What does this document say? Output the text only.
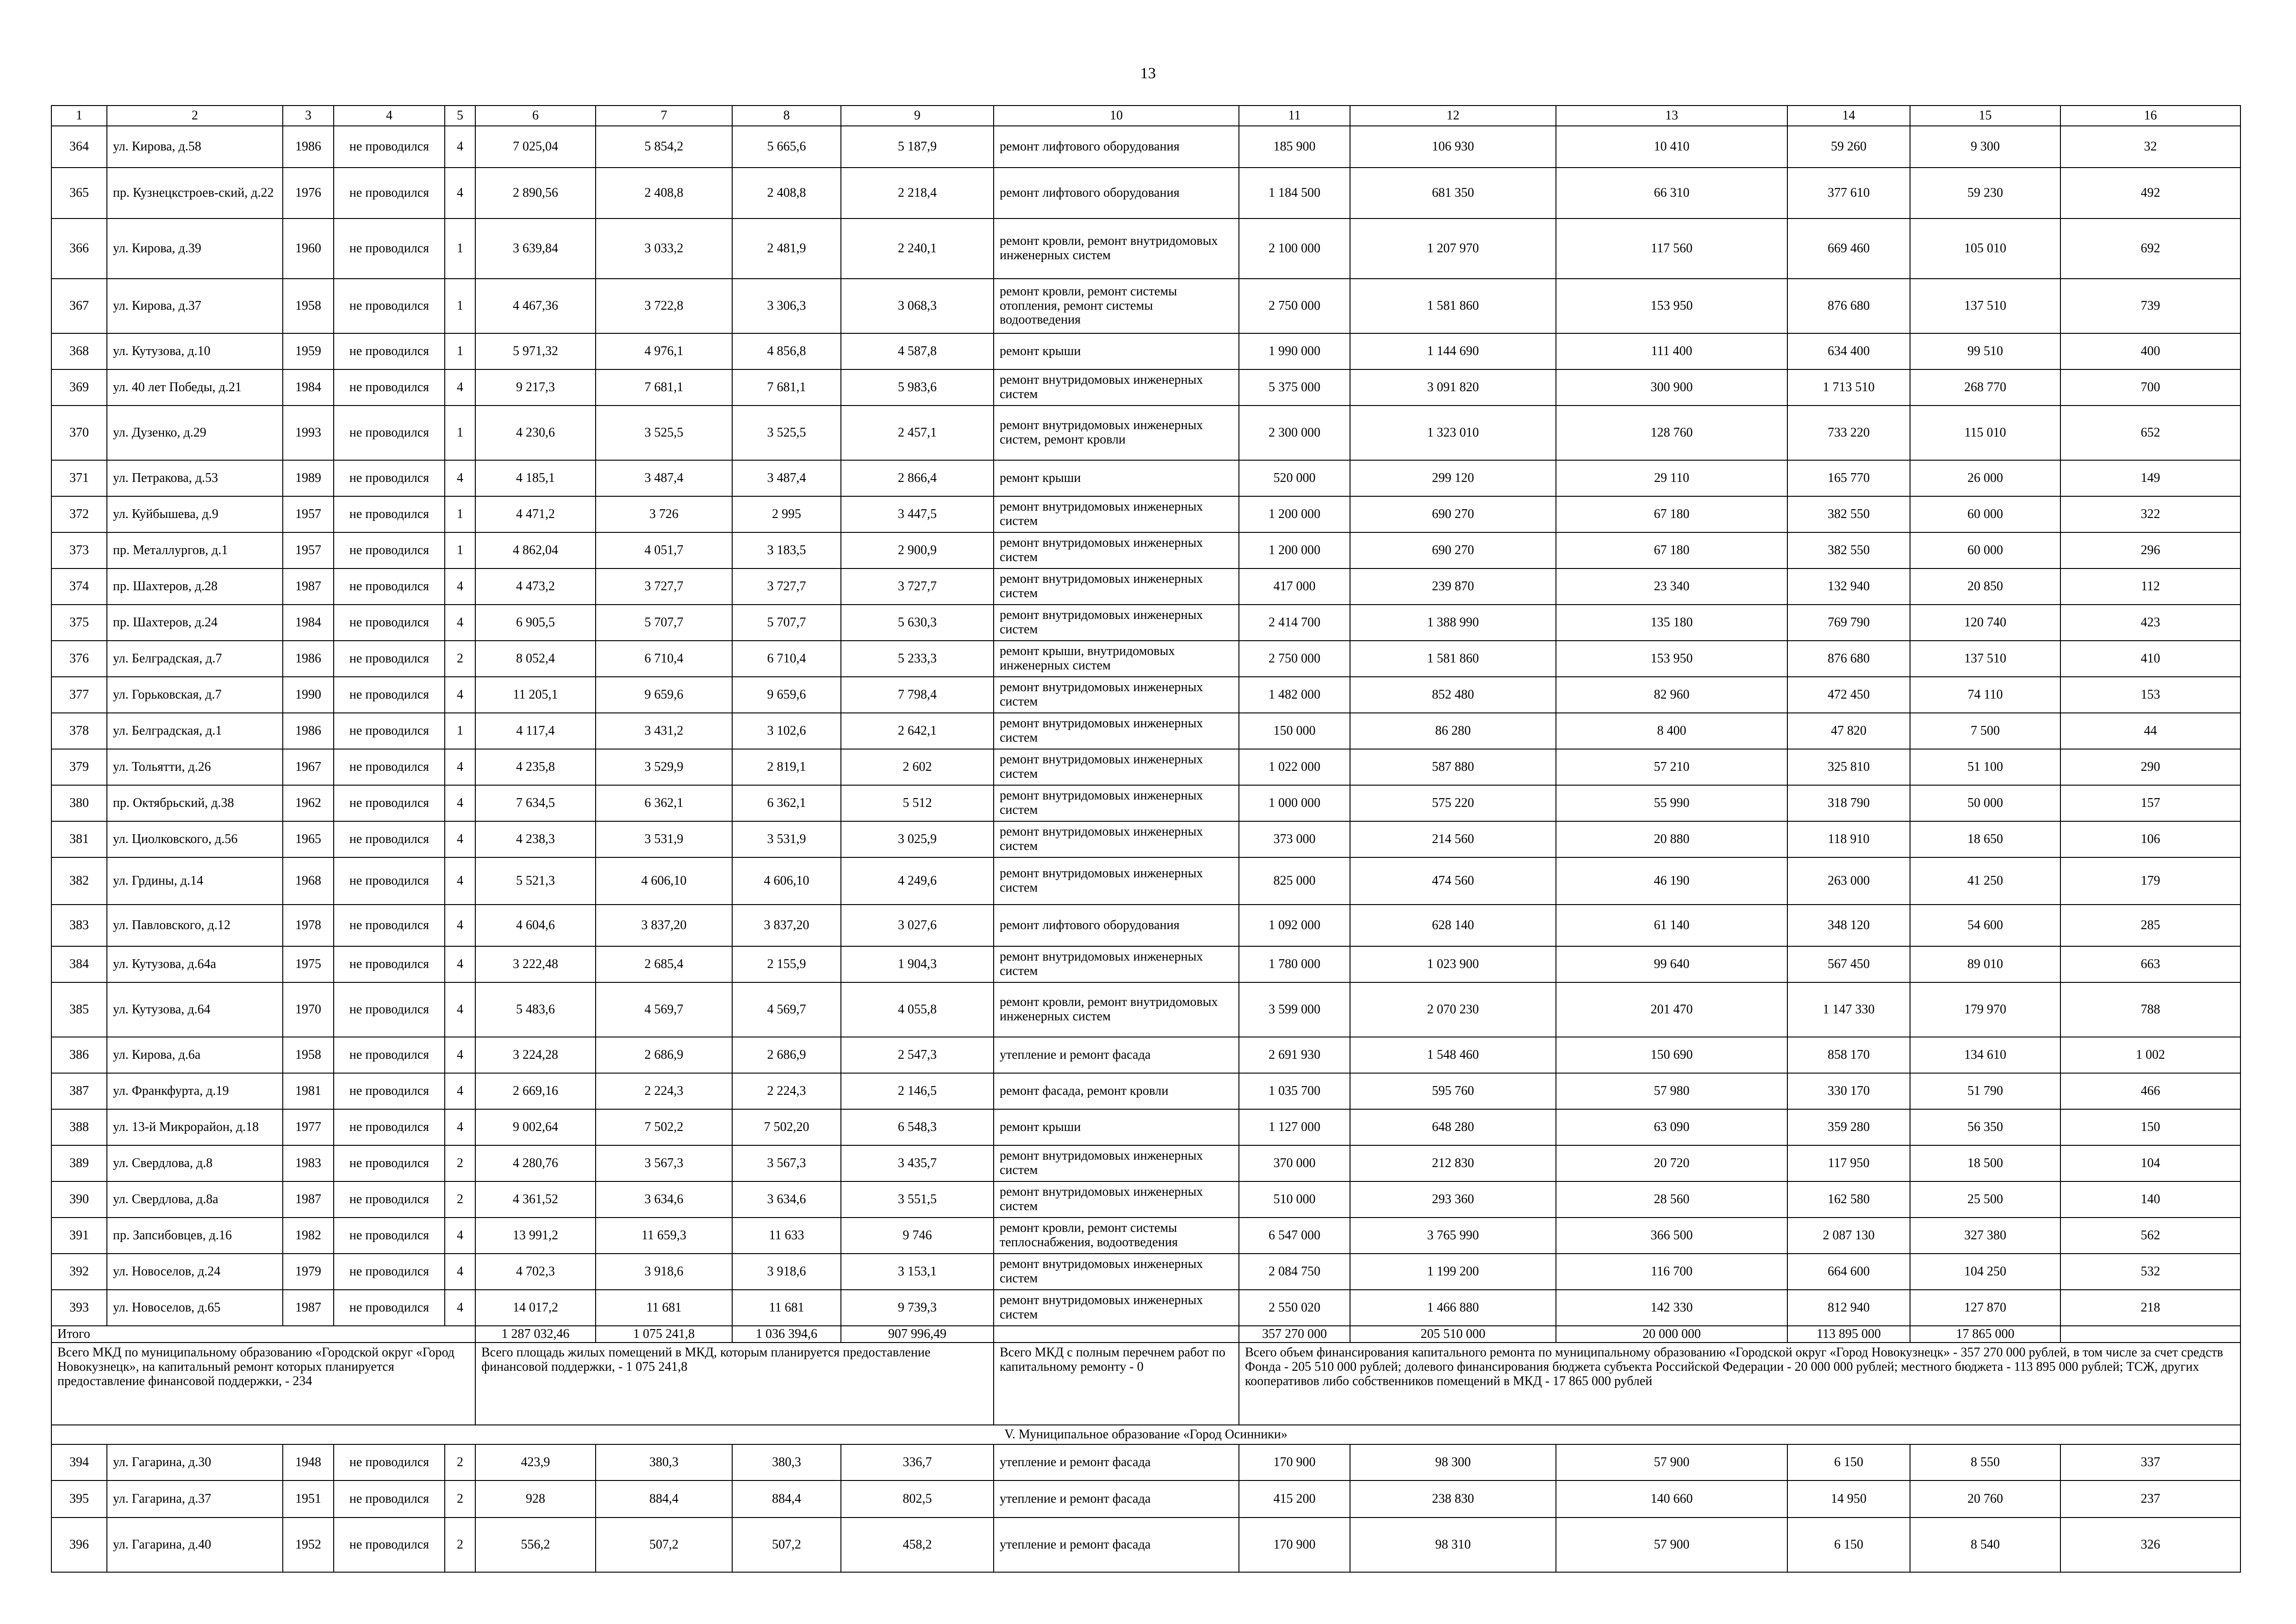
13
1	2	3	4	5	6	7	8	9	10	11	12	13	14	15	16
364	ул. Кирова, д.58	1986	не проводился	4	7 025,04	5 854,2	5 665,6	5 187,9	ремонт лифтового оборудования	185 900	106 930	10 410	59 260	9 300	32
365	пр. Кузнецкстроев-ский, д.22	1976	не проводился	4	2 890,56	2 408,8	2 408,8	2 218,4	ремонт лифтового оборудования	1 184 500	681 350	66 310	377 610	59 230	492
366	ул. Кирова, д.39	1960	не проводился	1	3 639,84	3 033,2	2 481,9	2 240,1	ремонт кровли, ремонт внутридомовых инженерных систем	2 100 000	1 207 970	117 560	669 460	105 010	692
367	ул. Кирова, д.37	1958	не проводился	1	4 467,36	3 722,8	3 306,3	3 068,3	ремонт кровли, ремонт системы отопления, ремонт системы водоотведения	2 750 000	1 581 860	153 950	876 680	137 510	739
368	ул. Кутузова, д.10	1959	не проводился	1	5 971,32	4 976,1	4 856,8	4 587,8	ремонт крыши	1 990 000	1 144 690	111 400	634 400	99 510	400
369	ул. 40 лет Победы, д.21	1984	не проводился	4	9 217,3	7 681,1	7 681,1	5 983,6	ремонт внутридомовых инженерных систем	5 375 000	3 091 820	300 900	1 713 510	268 770	700
370	ул. Дузенко, д.29	1993	не проводился	1	4 230,6	3 525,5	3 525,5	2 457,1	ремонт внутридомовых инженерных систем, ремонт кровли	2 300 000	1 323 010	128 760	733 220	115 010	652
371	ул. Петракова, д.53	1989	не проводился	4	4 185,1	3 487,4	3 487,4	2 866,4	ремонт крыши	520 000	299 120	29 110	165 770	26 000	149
372	ул. Куйбышева, д.9	1957	не проводился	1	4 471,2	3 726	2 995	3 447,5	ремонт внутридомовых инженерных систем	1 200 000	690 270	67 180	382 550	60 000	322
373	пр. Металлургов, д.1	1957	не проводился	1	4 862,04	4 051,7	3 183,5	2 900,9	ремонт внутридомовых инженерных систем	1 200 000	690 270	67 180	382 550	60 000	296
374	пр. Шахтеров, д.28	1987	не проводился	4	4 473,2	3 727,7	3 727,7	3 727,7	ремонт внутридомовых инженерных систем	417 000	239 870	23 340	132 940	20 850	112
375	пр. Шахтеров, д.24	1984	не проводился	4	6 905,5	5 707,7	5 707,7	5 630,3	ремонт внутридомовых инженерных систем	2 414 700	1 388 990	135 180	769 790	120 740	423
376	ул. Белградская, д.7	1986	не проводился	2	8 052,4	6 710,4	6 710,4	5 233,3	ремонт крыши, внутридомовых инженерных систем	2 750 000	1 581 860	153 950	876 680	137 510	410
377	ул. Горьковская, д.7	1990	не проводился	4	11 205,1	9 659,6	9 659,6	7 798,4	ремонт внутридомовых инженерных систем	1 482 000	852 480	82 960	472 450	74 110	153
378	ул. Белградская, д.1	1986	не проводился	1	4 117,4	3 431,2	3 102,6	2 642,1	ремонт внутридомовых инженерных систем	150 000	86 280	8 400	47 820	7 500	44
379	ул. Тольятти, д.26	1967	не проводился	4	4 235,8	3 529,9	2 819,1	2 602	ремонт внутридомовых инженерных систем	1 022 000	587 880	57 210	325 810	51 100	290
380	пр. Октябрьский, д.38	1962	не проводился	4	7 634,5	6 362,1	6 362,1	5 512	ремонт внутридомовых инженерных систем	1 000 000	575 220	55 990	318 790	50 000	157
381	ул. Циолковского, д.56	1965	не проводился	4	4 238,3	3 531,9	3 531,9	3 025,9	ремонт внутридомовых инженерных систем	373 000	214 560	20 880	118 910	18 650	106
382	ул. Грдины, д.14	1968	не проводился	4	5 521,3	4 606,10	4 606,10	4 249,6	ремонт внутридомовых инженерных систем	825 000	474 560	46 190	263 000	41 250	179
383	ул. Павловского, д.12	1978	не проводился	4	4 604,6	3 837,20	3 837,20	3 027,6	ремонт лифтового оборудования	1 092 000	628 140	61 140	348 120	54 600	285
384	ул. Кутузова, д.64а	1975	не проводился	4	3 222,48	2 685,4	2 155,9	1 904,3	ремонт внутридомовых инженерных систем	1 780 000	1 023 900	99 640	567 450	89 010	663
385	ул. Кутузова, д.64	1970	не проводился	4	5 483,6	4 569,7	4 569,7	4 055,8	ремонт кровли, ремонт внутридомовых инженерных систем	3 599 000	2 070 230	201 470	1 147 330	179 970	788
386	ул. Кирова, д.6а	1958	не проводился	4	3 224,28	2 686,9	2 686,9	2 547,3	утепление и ремонт фасада	2 691 930	1 548 460	150 690	858 170	134 610	1 002
387	ул. Франкфурта, д.19	1981	не проводился	4	2 669,16	2 224,3	2 224,3	2 146,5	ремонт фасада, ремонт кровли	1 035 700	595 760	57 980	330 170	51 790	466
388	ул. 13-й Микрорайон, д.18	1977	не проводился	4	9 002,64	7 502,2	7 502,20	6 548,3	ремонт крыши	1 127 000	648 280	63 090	359 280	56 350	150
389	ул. Свердлова, д.8	1983	не проводился	2	4 280,76	3 567,3	3 567,3	3 435,7	ремонт внутридомовых инженерных систем	370 000	212 830	20 720	117 950	18 500	104
390	ул. Свердлова, д.8а	1987	не проводился	2	4 361,52	3 634,6	3 634,6	3 551,5	ремонт внутридомовых инженерных систем	510 000	293 360	28 560	162 580	25 500	140
391	пр. Запсибовцев, д.16	1982	не проводился	4	13 991,2	11 659,3	11 633	9 746	ремонт кровли, ремонт системы теплоснабжения, водоотведения	6 547 000	3 765 990	366 500	2 087 130	327 380	562
392	ул. Новоселов, д.24	1979	не проводился	4	4 702,3	3 918,6	3 918,6	3 153,1	ремонт внутридомовых инженерных систем	2 084 750	1 199 200	116 700	664 600	104 250	532
393	ул. Новоселов, д.65	1987	не проводился	4	14 017,2	11 681	11 681	9 739,3	ремонт внутридомовых инженерных систем	2 550 020	1 466 880	142 330	812 940	127 870	218
Итого					1 287 032,46	1 075 241,8	1 036 394,6	907 996,49		357 270 000	205 510 000	20 000 000	113 895 000	17 865 000	
Всего МКД по муниципальному образованию «Городской округ «Город Новокузнецк», на капитальный ремонт которых планируется предоставление финансовой поддержки, - 234					Всего площадь жилых помещений в МКД, которым планируется предоставление финансовой поддержки, - 1 075 241,8				Всего МКД с полным перечнем работ по капитальному ремонту - 0	Всего объем финансирования капитального ремонта по муниципальному образованию «Городской округ «Город Новокузнецк» - 357 270 000 рублей, в том числе за счет средств Фонда - 205 510 000 рублей; долевого финансирования бюджета субъекта Российской Федерации - 20 000 000 рублей; местного бюджета - 113 895 000 рублей; ТСЖ, других кооперативов либо собственников помещений в МКД - 17 865 000 рублей					
V. Муниципальное образование «Город Осинники»															
394	ул. Гагарина, д.30	1948	не проводился	2	423,9	380,3	380,3	336,7	утепление и ремонт фасада	170 900	98 300	57 900	6 150	8 550	337
395	ул. Гагарина, д.37	1951	не проводился	2	928	884,4	884,4	802,5	утепление и ремонт фасада	415 200	238 830	140 660	14 950	20 760	237
396	ул. Гагарина, д.40	1952	не проводился	2	556,2	507,2	507,2	458,2	утепление и ремонт фасада	170 900	98 310	57 900	6 150	8 540	326
